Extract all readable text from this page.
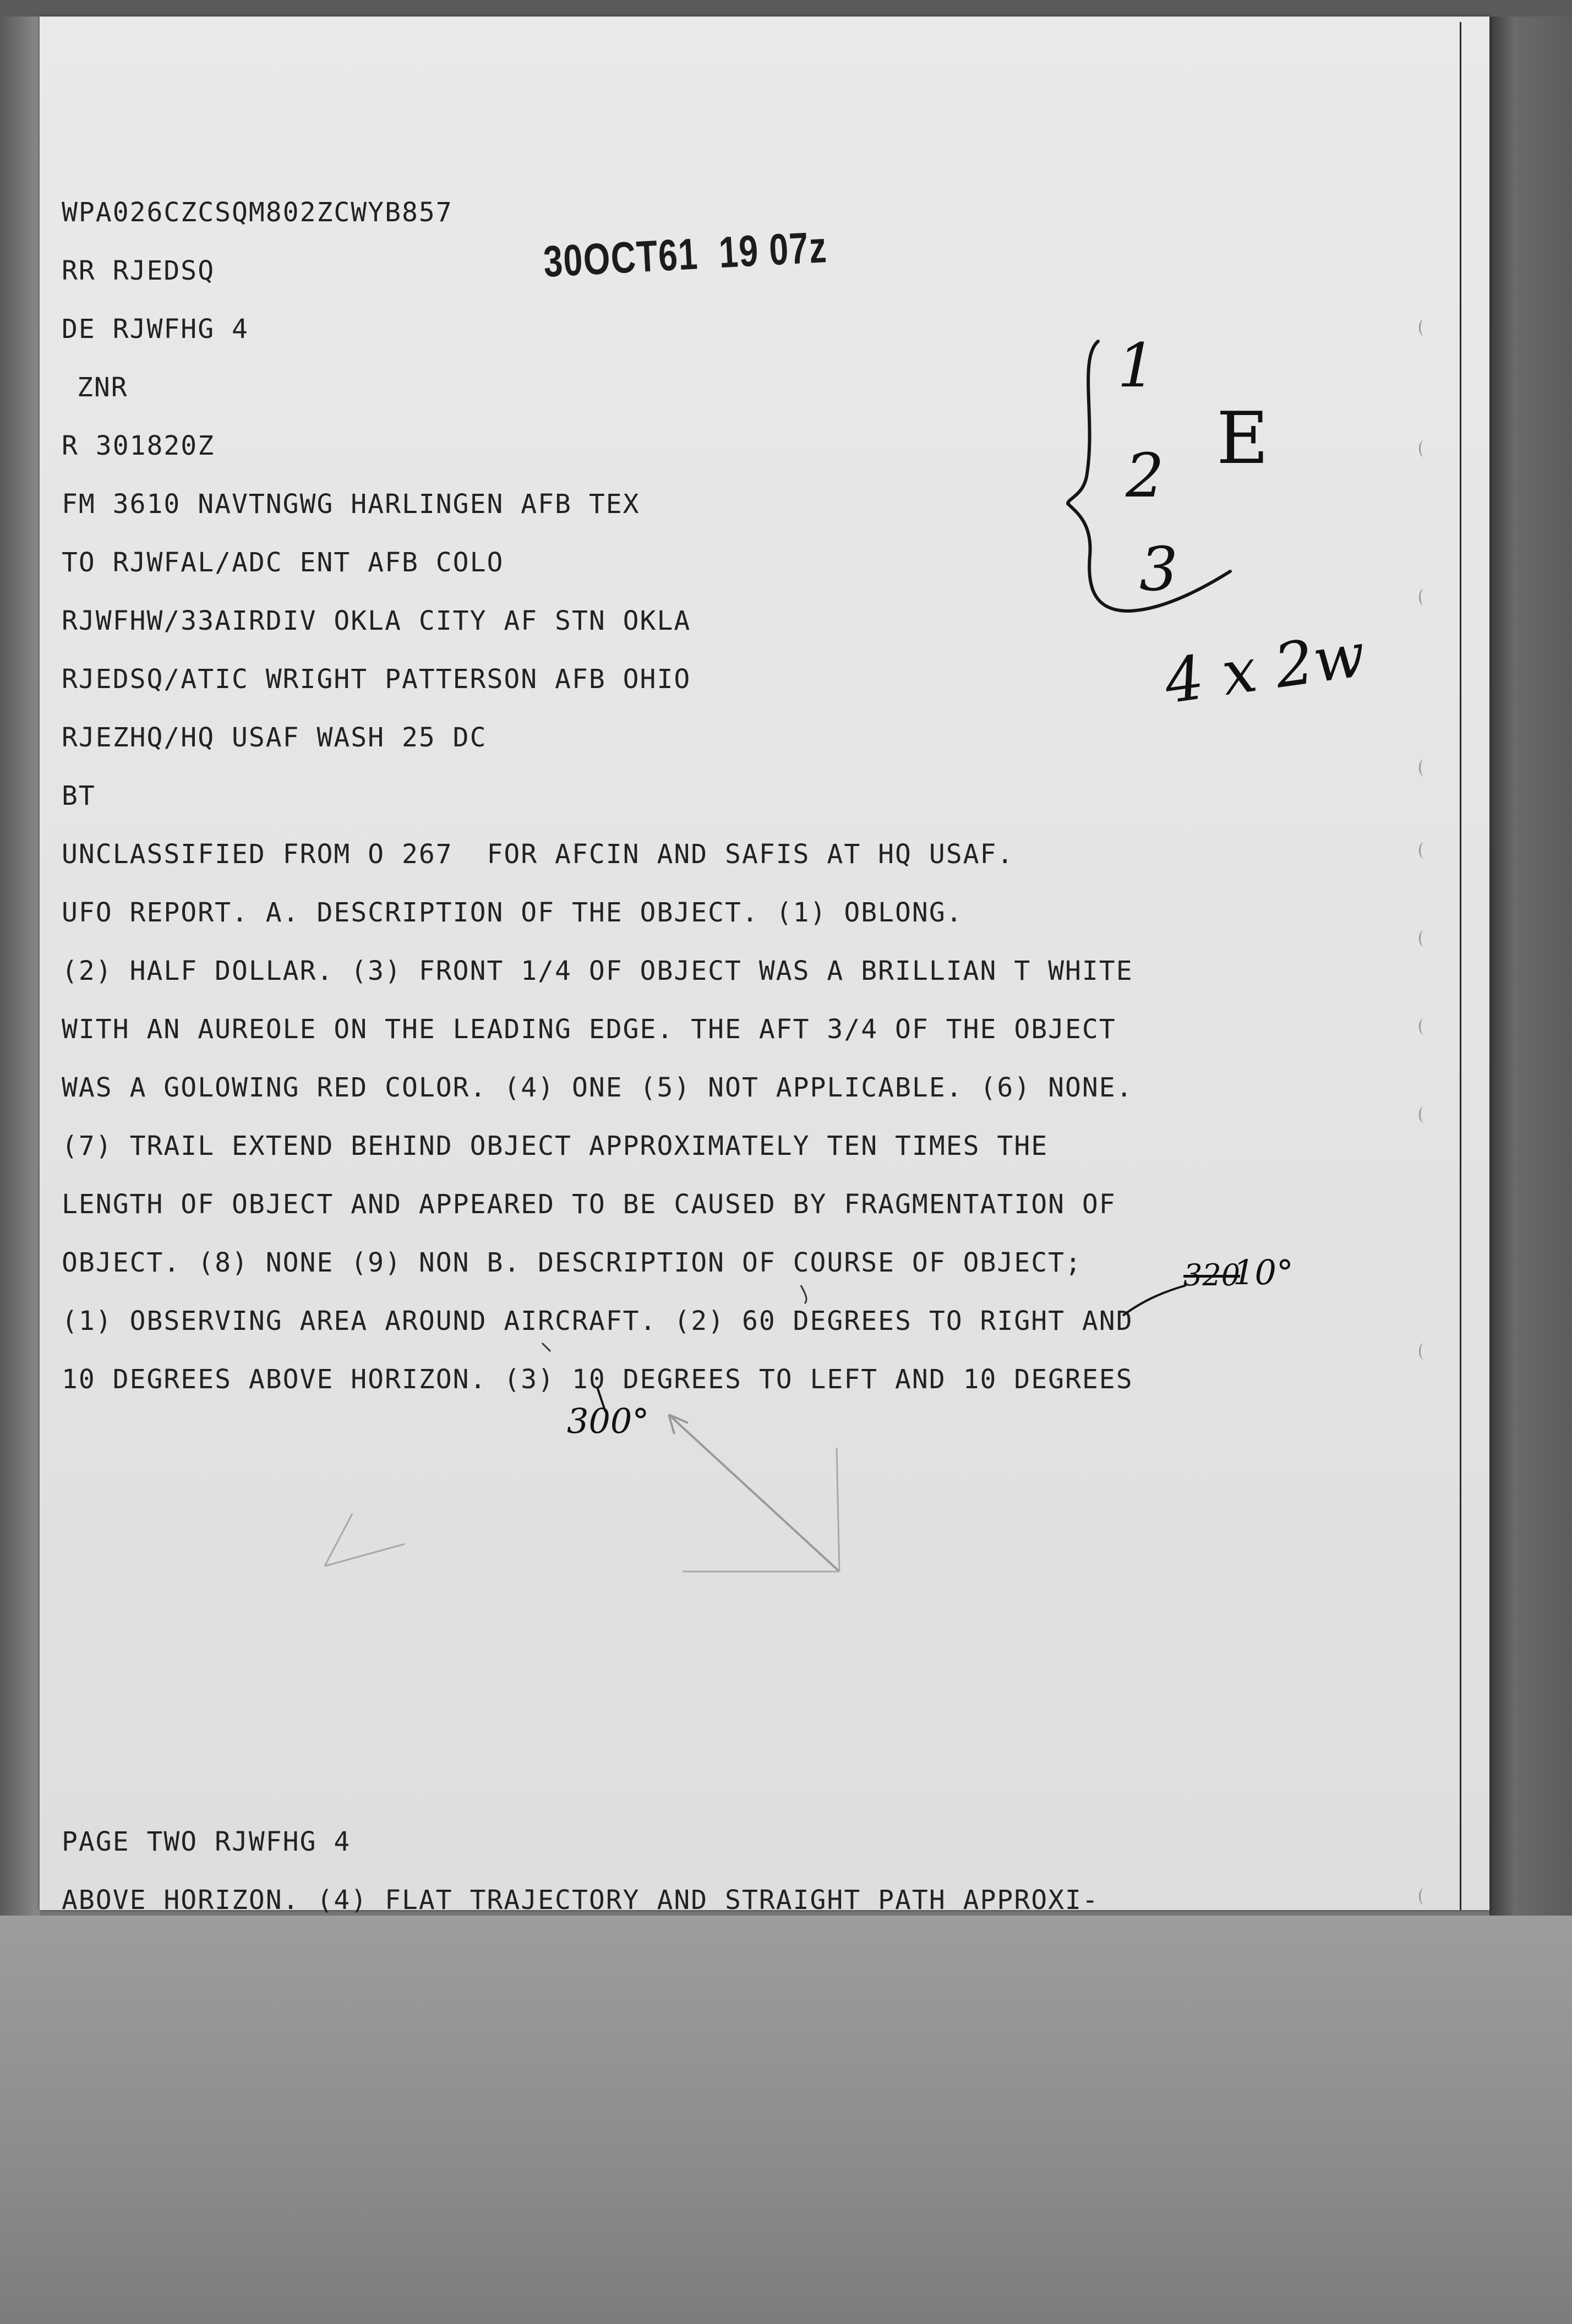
WPA026CZCSQM802ZCWYB857

RR RJEDSQ

DE RJWFHG 4

ZNR

R 301820Z

FM 3610 NAVTNGWG HARLINGEN AFB TEX

TO RJWFAL/ADC ENT AFB COLO

RJWFHW/33AIRDIV OKLA CITY AF STN OKLA

RJEDSQ/ATIC WRIGHT PATTERSON AFB OHIO

RJEZHQ/HQ USAF WASH 25 DC

BT

UNCLASSIFIED FROM O 267  FOR AFCIN AND SAFIS AT HQ USAF.

UFO REPORT. A. DESCRIPTION OF THE OBJECT. (1) OBLONG.

(2) HALF DOLLAR. (3) FRONT 1/4 OF OBJECT WAS A BRILLIAN T WHITE

WITH AN AUREOLE ON THE LEADING EDGE. THE AFT 3/4 OF THE OBJECT

WAS A GOLOWING RED COLOR. (4) ONE (5) NOT APPLICABLE. (6) NONE.

(7) TRAIL EXTEND BEHIND OBJECT APPROXIMATELY TEN TIMES THE

LENGTH OF OBJECT AND APPEARED TO BE CAUSED BY FRAGMENTATION OF

OBJECT. (8) NONE (9) NON B. DESCRIPTION OF COURSE OF OBJECT;

(1) OBSERVING AREA AROUND AIRCRAFT. (2) 60 DEGREES TO RIGHT AND

10 DEGREES ABOVE HORIZON. (3) 10 DEGREES TO LEFT AND 10 DEGREES

PAGE TWO RJWFHG 4

ABOVE HORIZON. (4) FLAT TRAJECTORY AND STRAIGHT PATH APPROXI-

30OCT61 19 07z
1
2
3
E
4 x 2w
320
10°
300°
